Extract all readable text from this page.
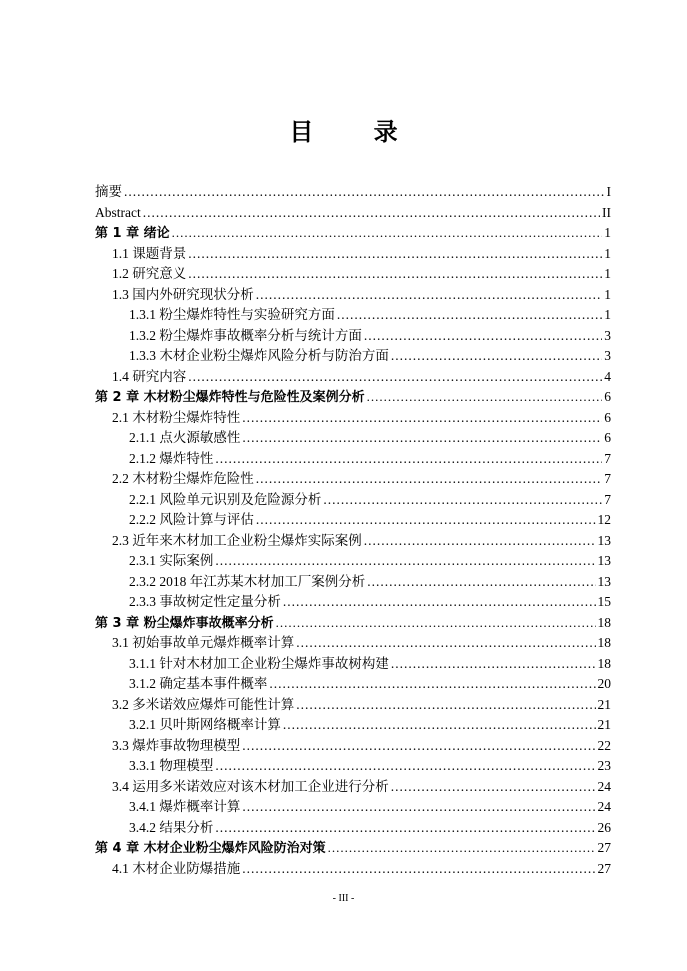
目 录
摘要 .....	I
Abstract .....	II
第 1 章 绪论 .....	1
1.1 课题背景 .....	1
1.2 研究意义 .....	1
1.3 国内外研究现状分析 .....	1
1.3.1 粉尘爆炸特性与实验研究方面 .....	1
1.3.2 粉尘爆炸事故概率分析与统计方面 .....	3
1.3.3 木材企业粉尘爆炸风险分析与防治方面 .....	3
1.4 研究内容 .....	4
第 2 章 木材粉尘爆炸特性与危险性及案例分析 .....	6
2.1 木材粉尘爆炸特性 .....	6
2.1.1 点火源敏感性 .....	6
2.1.2 爆炸特性 .....	7
2.2 木材粉尘爆炸危险性 .....	7
2.2.1 风险单元识别及危险源分析 .....	7
2.2.2 风险计算与评估 .....	12
2.3 近年来木材加工企业粉尘爆炸实际案例 .....	13
2.3.1 实际案例 .....	13
2.3.2 2018 年江苏某木材加工厂案例分析 .....	13
2.3.3 事故树定性定量分析 .....	15
第 3 章 粉尘爆炸事故概率分析 .....	18
3.1 初始事故单元爆炸概率计算 .....	18
3.1.1 针对木材加工企业粉尘爆炸事故树构建 .....	18
3.1.2 确定基本事件概率 .....	20
3.2 多米诺效应爆炸可能性计算 .....	21
3.2.1 贝叶斯网络概率计算 .....	21
3.3 爆炸事故物理模型 .....	22
3.3.1 物理模型 .....	23
3.4 运用多米诺效应对该木材加工企业进行分析 .....	24
3.4.1 爆炸概率计算 .....	24
3.4.2 结果分析 .....	26
第 4 章 木材企业粉尘爆炸风险防治对策 .....	27
4.1 木材企业防爆措施 .....	27
- III -
